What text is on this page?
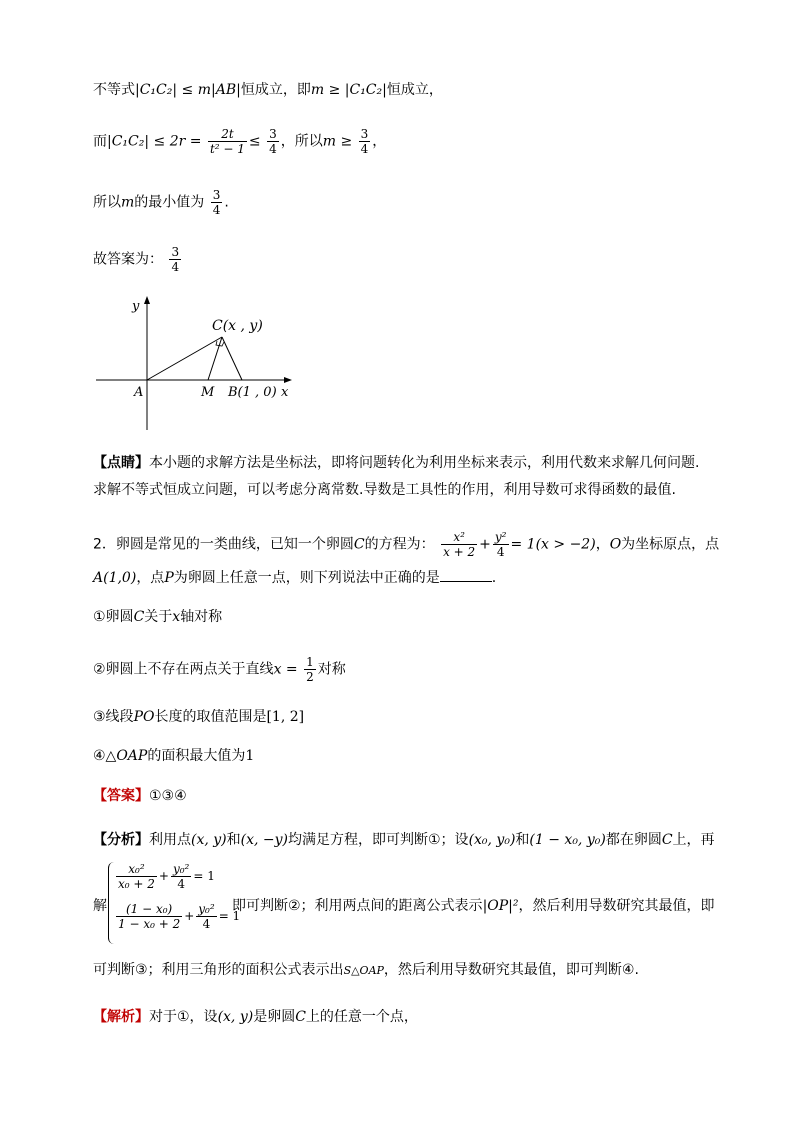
不等式|C₁C₂| ≤ m|AB|恒成立，即m ≥ |C₁C₂|恒成立，
而$|C_1C_2| \le 2r = \frac{2t}{\text{t² − 1}} \le \frac{3}{4}$ ，所以$m \ge \frac{3}{4}$ ，
所以m的最小值为 $\frac{3}{4}$ .
故答案为： $\frac{3}{4}$
y
x
C(x , y)
A	M B(1 , 0)
【点睛】本小题的求解方法是坐标法，即将问题转化为利用坐标来表示，利用代数来求解几何问题.
求解不等式恒成立问题，可以考虑分离常数.导数是工具性的作用，利用导数可求得函数的最值.
2．卵圆是常见的一类曲线，已知一个卵圆C的方程为： $\frac{\text{x²}}{x + 2} + \frac{\text{y²}}{4} = 1(x > -2)$，O为坐标原点，点
A(1,0)，点P为卵圆上任意一点，则下列说法中正确的是	.
①卵圆C关于x轴对称
②卵圆上不存在两点关于直线$x = \frac{1}{2}$ 对称
③线段PO长度的取值范围是[1, 2]
④△OAP的面积最大值为1
【答案】①③④
【分析】利用点(x, y)和(x, −y)均满足方程，即可判断①；设(x₀, y₀)和(1 − x₀, y₀)都在卵圆C上，再
解
$\frac{\text{x₀²}}{\text{x₀ + 2}} + \frac{\text{y₀²}}{4} = 1$
$\frac{\text{(1 − x₀)}}{\text{1 − x₀ + 2}} + \frac{\text{y₀²}}{4} = 1$
即可判断②；利用两点间的距离公式表示|OP|²，然后利用导数研究其最值，即
可判断③；利用三角形的面积公式表示出S△OAP，然后利用导数研究其最值，即可判断④.
【解析】对于①，设(x, y)是卵圆C上的任意一个点，
